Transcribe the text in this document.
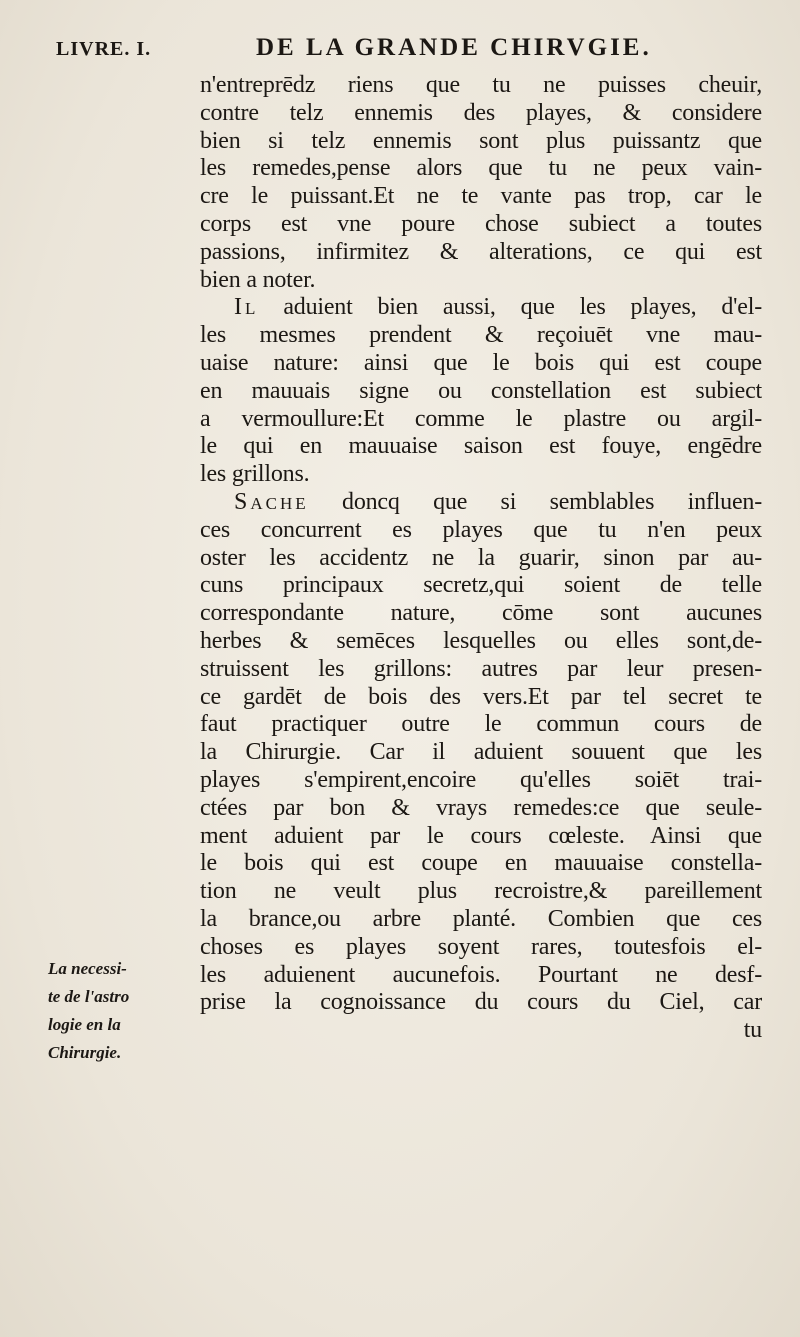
LIVRE. I.	DE LA GRANDE CHIRVGIE.
n'entreprēdz riens que tu ne puisses cheuir,
contre telz ennemis des playes, & considere
bien si telz ennemis sont plus puissantz que
les remedes,pense alors que tu ne peux vain-
cre le puissant.Et ne te vante pas trop, car le
corps est vne poure chose subiect a toutes
passions, infirmitez & alterations, ce qui est
bien a noter.
Il aduient bien aussi, que les playes, d'el-
les mesmes prendent & reçoiuēt vne mau-
uaise nature: ainsi que le bois qui est coupe
en mauuais signe ou constellation est subiect
a vermoullure:Et comme le plastre ou argil-
le qui en mauuaise saison est fouye, engēdre
les grillons.
Sache doncq que si semblables influen-
ces concurrent es playes que tu n'en peux
oster les accidentz ne la guarir, sinon par au-
cuns principaux secretz,qui soient de telle
correspondante nature, cōme sont aucunes
herbes & semēces lesquelles ou elles sont,de-
struissent les grillons: autres par leur presen-
ce gardēt de bois des vers.Et par tel secret te
faut practiquer outre le commun cours de
la Chirurgie. Car il aduient souuent que les
playes s'empirent,encoire qu'elles soiēt trai-
ctées par bon & vrays remedes:ce que seule-
ment aduient par le cours cœleste. Ainsi que
le bois qui est coupe en mauuaise constella-
tion ne veult plus recroistre,& pareillement
la brance,ou arbre planté. Combien que ces
choses es playes soyent rares, toutesfois el-
les aduienent aucunefois. Pourtant ne desf-
prise la cognoissance du cours du Ciel, car
tu
La necessi-
te de l'astro
logie en la
Chirurgie.
